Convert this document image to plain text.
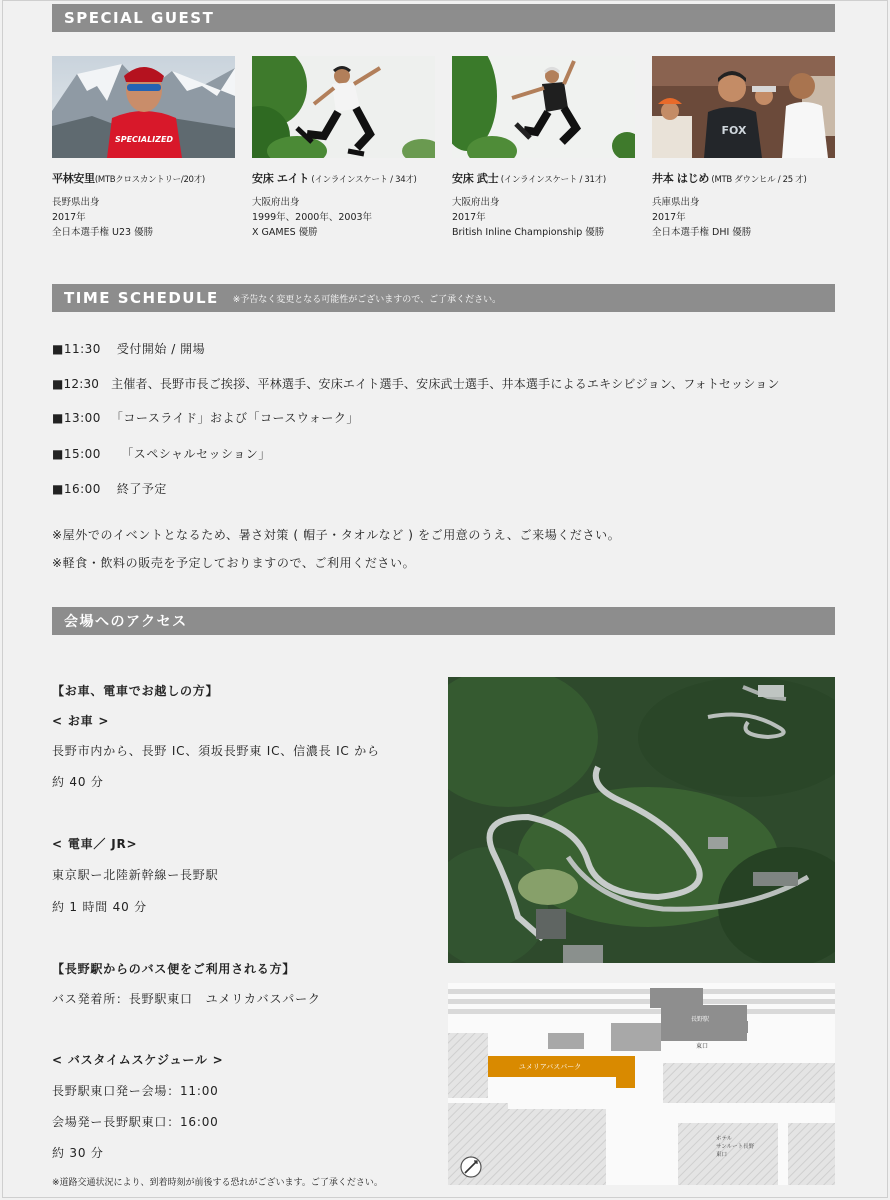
SPECIAL GUEST
SPECIALIZED
平林安里(MTBクロスカントリー/20才)
長野県出身
2017年
全日本選手権 U23 優勝
安床 エイト (インラインスケート / 34才)
大阪府出身
1999年、2000年、2003年
X GAMES 優勝
安床 武士 (インラインスケート / 31才)
大阪府出身
2017年
British Inline Championship 優勝
FOX
井本 はじめ (MTB ダウンヒル / 25 才)
兵庫県出身
2017年
全日本選手権 DHI 優勝
TIME SCHEDULE ※予告なく変更となる可能性がございますので、ご了承ください。
■11:30 受付開始 / 開場
■12:30 主催者、長野市長ご挨拶、平林選手、安床エイト選手、安床武士選手、井本選手によるエキシビジョン、フォトセッション
■13:00 「コースライド」および「コースウォーク」
■15:00 「スペシャルセッション」
■16:00 終了予定
※屋外でのイベントとなるため、暑さ対策 ( 帽子・タオルなど ) をご用意のうえ、ご来場ください。
※軽食・飲料の販売を予定しておりますので、ご利用ください。
会場へのアクセス
【お車、電車でお越しの方】
< お車 >
長野市内から、長野 IC、須坂長野東 IC、信濃長 IC から
約 40 分
< 電車／ JR>
東京駅ー北陸新幹線ー長野駅
約 1 時間 40 分
【長野駅からのバス便をご利用される方】
バス発着所：長野駅東口　ユメリカバスパーク
< バスタイムスケジュール >
長野駅東口発ー会場：11:00
会場発ー長野駅東口：16:00
約 30 分
※道路交通状況により、到着時刻が前後する恐れがございます。ご了承ください。
長野駅
東口
ユメリアバスパーク
ホテル
サンルート長野
東口
